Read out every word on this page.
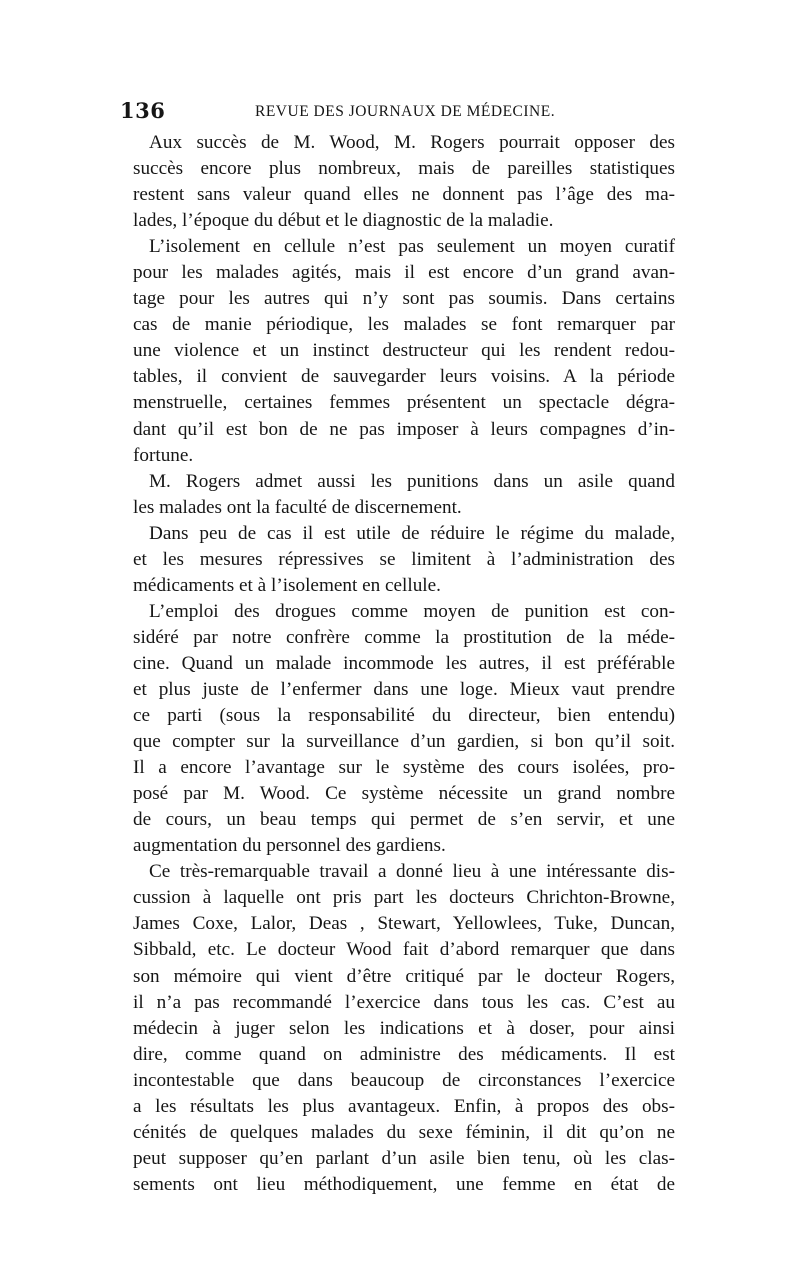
136	REVUE DES JOURNAUX DE MÉDECINE.
Aux succès de M. Wood, M. Rogers pourrait opposer des
succès encore plus nombreux, mais de pareilles statistiques
restent sans valeur quand elles ne donnent pas l’âge des ma-
lades, l’époque du début et le diagnostic de la maladie.
L’isolement en cellule n’est pas seulement un moyen curatif
pour les malades agités, mais il est encore d’un grand avan-
tage pour les autres qui n’y sont pas soumis. Dans certains
cas de manie périodique, les malades se font remarquer par
une violence et un instinct destructeur qui les rendent redou-
tables, il convient de sauvegarder leurs voisins. A la période
menstruelle, certaines femmes présentent un spectacle dégra-
dant qu’il est bon de ne pas imposer à leurs compagnes d’in-
fortune.
M. Rogers admet aussi les punitions dans un asile quand
les malades ont la faculté de discernement.
Dans peu de cas il est utile de réduire le régime du malade,
et les mesures répressives se limitent à l’administration des
médicaments et à l’isolement en cellule.
L’emploi des drogues comme moyen de punition est con-
sidéré par notre confrère comme la prostitution de la méde-
cine. Quand un malade incommode les autres, il est préférable
et plus juste de l’enfermer dans une loge. Mieux vaut prendre
ce parti (sous la responsabilité du directeur, bien entendu)
que compter sur la surveillance d’un gardien, si bon qu’il soit.
Il a encore l’avantage sur le système des cours isolées, pro-
posé par M. Wood. Ce système nécessite un grand nombre
de cours, un beau temps qui permet de s’en servir, et une
augmentation du personnel des gardiens.
Ce très-remarquable travail a donné lieu à une intéressante dis-
cussion à laquelle ont pris part les docteurs Chrichton-Browne,
James Coxe, Lalor, Deas , Stewart, Yellowlees, Tuke, Duncan,
Sibbald, etc. Le docteur Wood fait d’abord remarquer que dans
son mémoire qui vient d’être critiqué par le docteur Rogers,
il n’a pas recommandé l’exercice dans tous les cas. C’est au
médecin à juger selon les indications et à doser, pour ainsi
dire, comme quand on administre des médicaments. Il est
incontestable que dans beaucoup de circonstances l’exercice
a les résultats les plus avantageux. Enfin, à propos des obs-
cénités de quelques malades du sexe féminin, il dit qu’on ne
peut supposer qu’en parlant d’un asile bien tenu, où les clas-
sements ont lieu méthodiquement, une femme en état de
